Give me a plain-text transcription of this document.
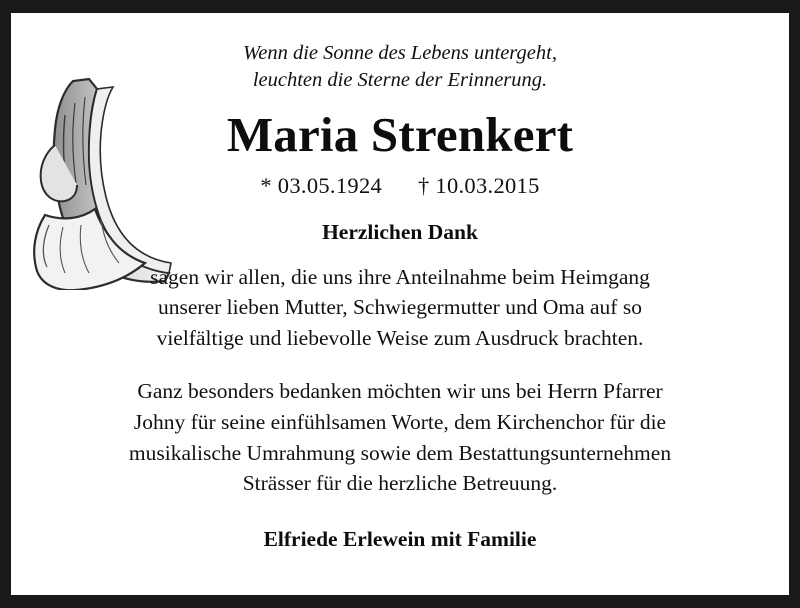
Wenn die Sonne des Lebens untergeht,
leuchten die Sterne der Erinnerung.
Maria Strenkert
* 03.05.1924 † 10.03.2015
Herzlichen Dank
sagen wir allen, die uns ihre Anteilnahme beim Heimgang
unserer lieben Mutter, Schwiegermutter und Oma auf so
vielfältige und liebevolle Weise zum Ausdruck brachten.
Ganz besonders bedanken möchten wir uns bei Herrn Pfarrer
Johny für seine einfühlsamen Worte, dem Kirchenchor für die
musikalische Umrahmung sowie dem Bestattungsunternehmen
Strässer für die herzliche Betreuung.
Elfriede Erlewein mit Familie
